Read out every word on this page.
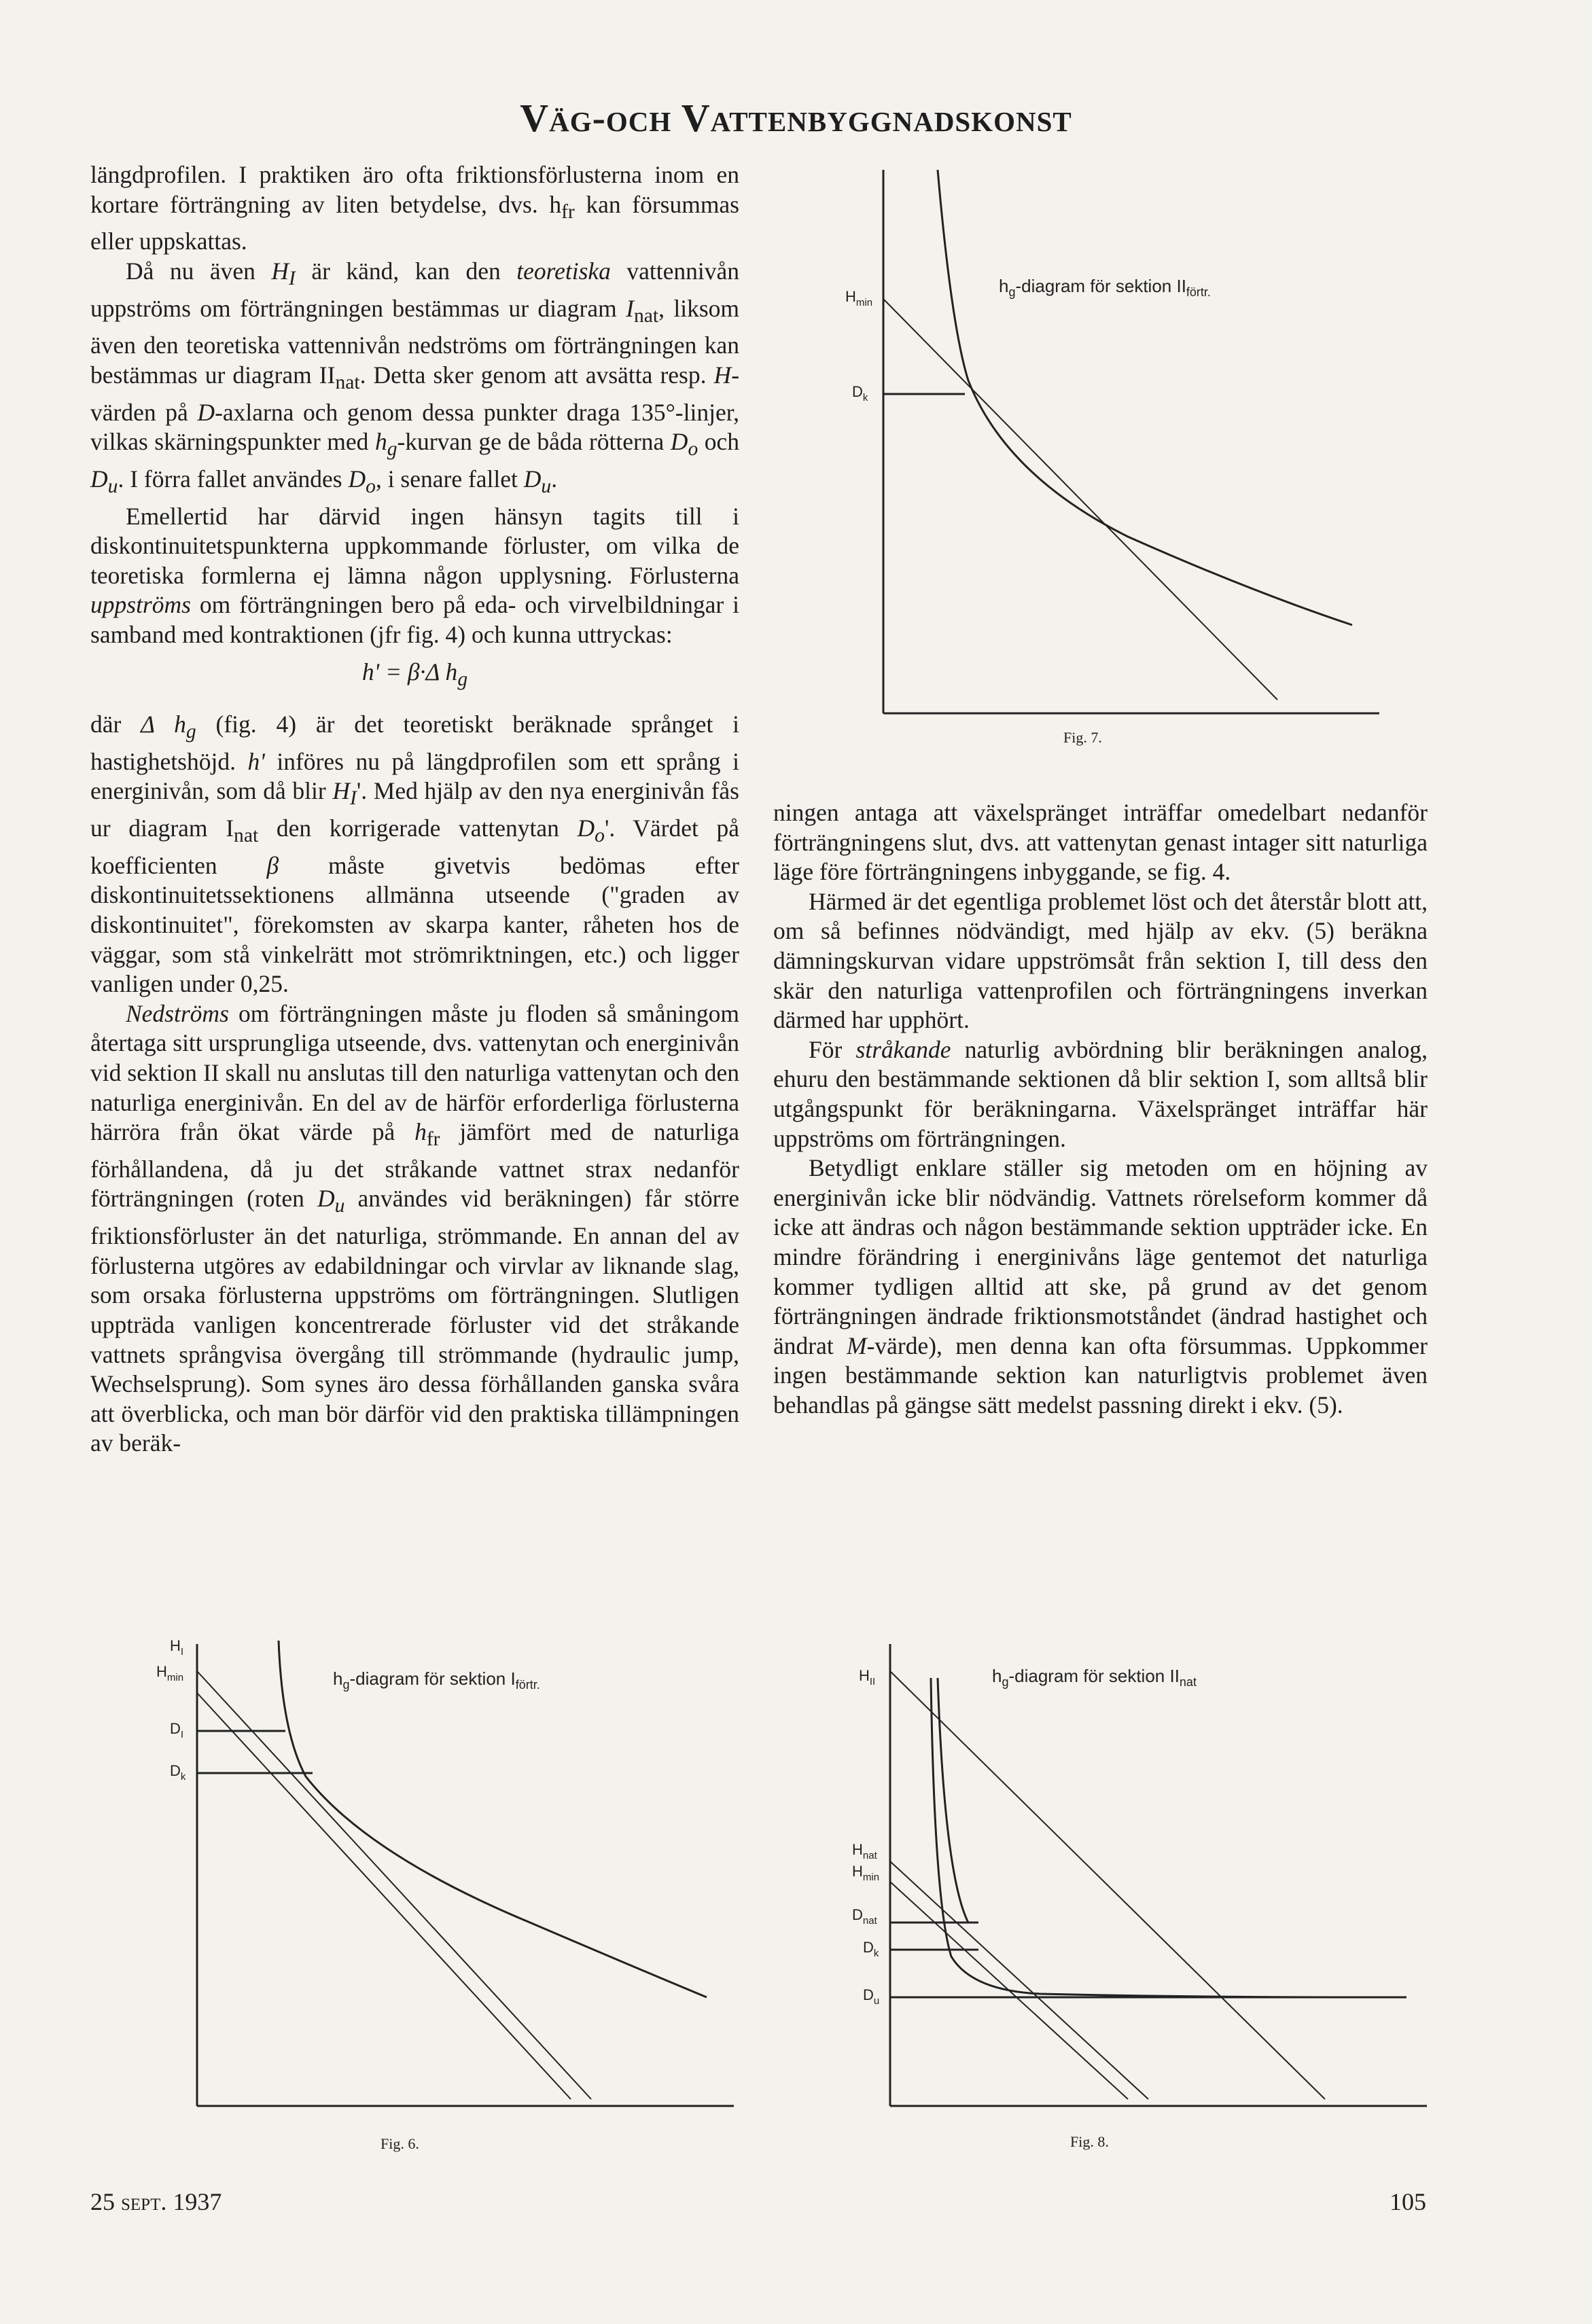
Väg-och Vattenbyggnadskonst

längdprofilen. I praktiken äro ofta friktionsförlusterna inom en kortare förträngning av liten betydelse, dvs. $h_{fr}$ kan försummas eller uppskattas.

Då nu även $H_I$ är känd, kan den teoretiska vattennivån uppströms om förträngningen bestämmas ur diagram $I_{nat}$, liksom även den teoretiska vattennivån nedströms om förträngningen kan bestämmas ur diagram $II_{nat}$. Detta sker genom att avsätta resp. H-värden på D-axlarna och genom dessa punkter draga 135°-linjer, vilkas skärningspunkter med $h_g$-kurvan ge de båda rötterna $D_o$ och $D_u$. I förra fallet användes $D_o$, i senare fallet $D_u$.

Emellertid har därvid ingen hänsyn tagits till i diskontinuitetspunkterna uppkommande förluster, om vilka de teoretiska formlerna ej lämna någon upplysning. Förlusterna uppströms om förträngningen bero på eda- och virvelbildningar i samband med kontraktionen (jfr fig. 4) och kunna uttryckas:

h' = β·Δ $h_g$

där Δ $h_g$ (fig. 4) är det teoretiskt beräknade språnget i hastighetshöjd. h' införes nu på längdprofilen som ett språng i energinivån, som då blir $H_I'$. Med hjälp av den nya energinivån fås ur diagram $I_{nat}$ den korrigerade vattenytan $D_o'$. Värdet på koefficienten β måste givetvis bedömas efter diskontinuitetssektionens allmänna utseende ("graden av diskontinuitet", förekomsten av skarpa kanter, råheten hos de väggar, som stå vinkelrätt mot strömriktningen, etc.) och ligger vanligen under 0,25.

Nedströms om förträngningen måste ju floden så småningom återtaga sitt ursprungliga utseende, dvs. vattenytan och energinivån vid sektion II skall nu anslutas till den naturliga vattenytan och den naturliga energinivån. En del av de härför erforderliga förlusterna härröra från ökat värde på $h_{fr}$ jämfört med de naturliga förhållandena, då ju det stråkande vattnet strax nedanför förträngningen (roten $D_u$ användes vid beräkningen) får större friktionsförluster än det naturliga, strömmande. En annan del av förlusterna utgöres av edabildningar och virvlar av liknande slag, som orsaka förlusterna uppströms om förträngningen. Slutligen uppträda vanligen koncentrerade förluster vid det stråkande vattnets språngvisa övergång till strömmande (hydraulic jump, Wechselsprung). Som synes äro dessa förhållanden ganska svåra att överblicka, och man bör därför vid den praktiska tillämpningen av beräk-

ningen antaga att växelspränget inträffar omedelbart nedanför förträngningens slut, dvs. att vattenytan genast intager sitt naturliga läge före förträngningens inbyggande, se fig. 4.

Härmed är det egentliga problemet löst och det återstår blott att, om så befinnes nödvändigt, med hjälp av ekv. (5) beräkna dämningskurvan vidare uppströmsåt från sektion I, till dess den skär den naturliga vattenprofilen och förträngningens inverkan därmed har upphört.

För stråkande naturlig avbördning blir beräkningen analog, ehuru den bestämmande sektionen då blir sektion I, som alltså blir utgångspunkt för beräkningarna. Växelspränget inträffar här uppströms om förträngningen.

Betydligt enklare ställer sig metoden om en höjning av energinivån icke blir nödvändig. Vattnets rörelseform kommer då icke att ändras och någon bestämmande sektion uppträder icke. En mindre förändring i energinivåns läge gentemot det naturliga kommer tydligen alltid att ske, på grund av det genom förträngningen ändrade friktionsmotståndet (ändrad hastighet och ändrat M-värde), men denna kan ofta försummas. Uppkommer ingen bestämmande sektion kan naturligtvis problemet även behandlas på gängse sätt medelst passning direkt i ekv. (5).

$H_{min}$
$D_k$
$h_g$-diagram för sektion $II_{förtr.}$
Fig. 7.
$H_I$
$H_{min}$
$D_I$
$D_k$
$h_g$-diagram för sektion $I_{förtr.}$
Fig. 6.
$H_{II}$
$H_{nat}$
$H_{min}$
$D_{nat}$
$D_k$
$D_u$
$h_g$-diagram för sektion $II_{nat}$
Fig. 8.
25 sept. 1937	105
